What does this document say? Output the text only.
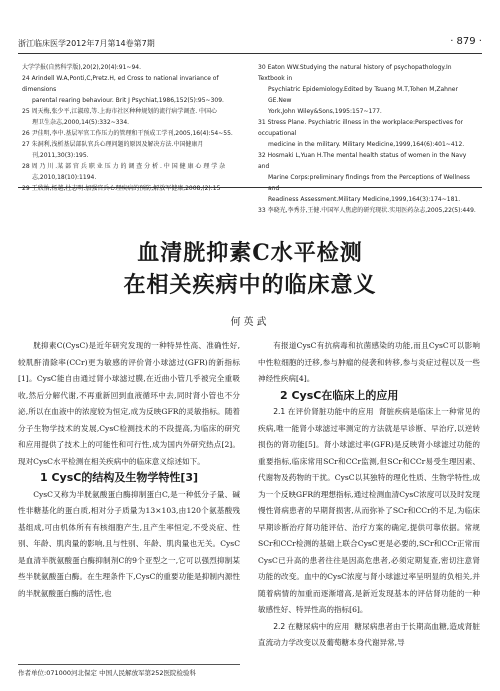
浙江临床医学2012年7月第14卷第7期	· 879 ·
大学学报(自然科学版),20(2),20(4):91~94.
24 Arindell W.A,Ponti,C,Pretz.H, ed Cross to national invariance of dimensions
parental rearing behaviour. Brit J Psychiat,1986,152(5):95~309.
25 周天梅,张少平,江淑琼,等.上海市社区种种规划的流行病学调查. 中国心
理卫生杂志,2000,14(5):332~334.
26 尹佳明,李中.基层军官工作压力的管理和干预成工学刊,2005,16(4):54~55.
27 朱洞利,浅析基层部队官兵心理问题的原因及解决方法.中国健康月
刊,2011,30(3):195.
28 周 乃 川 .某 部 官 兵 职 业 压 力 的 调 查 分 析 . 中 国 健 康 心 理 学 杂
志,2010,18(10):1194.
29 王欣怡,杨越,杜志明.加强官兵心理疾病的预防,解放军健康,2008,(2):15
30 Eaton WW.Studying the natural history of psychopathology.In Textbook in
Psychiatric Epidemiology.Edited by Tsuang M.T,Tohen M,Zahner GE.New
York,John Wiley&Sons,1995:157~177.
31 Stress Plane. Psychiatric illness in the workplace:Perspectives for occupational
medicine in the military. Military Medicine,1999,164(6):401~412.
32 Hosmaki L,Yuan H.The mental health status of women in the Navy and
Marine Corps:preliminary findings from the Perceptions of Wellness and
Readiness Assessment.Military Medicine,1999,164(3):174~181.
33 李晓光,李秀芬,王健.中国军人焦虑的研究现状.实用医药杂志,2005,22(5):449.
血清胱抑素C水平检测
在相关疾病中的临床意义
何英武

胱抑素C(CysC)是近年研究发现的一种特异性高、准确性好,较肌酐清除率(CCr)更为敏感的评价肾小球滤过(GFR)的新指标[1]。CysC能自由通过肾小球滤过膜,在近曲小管几乎被完全重吸收,然后分解代谢,不再重新回到血液循环中去,同时肾小管也不分泌,所以在血液中的浓度较为恒定,成为反映GFR的灵敏指标。随着分子生物学技术的发展,CysC检测技术的不段提高,为临床的研究和应用提供了技术上的可能性和可行性,成为国内外研究热点[2]。现对CysC水平检测在相关疾病中的临床意义综述如下。

1 CysC的结构及生物学特性[3]

CysC又称为半胱氨酸蛋白酶抑制蛋白C,是一种低分子量、碱性非糖基化的蛋白质,相对分子质量为13×103,由120个氨基酸残基组成,可由机体所有有核细胞产生,且产生率恒定,不受炎症、性别、年龄、肌肉量的影响,且与性别、年龄、肌肉量也无关。CysC是血清半胱氨酸蛋白酶抑制剂C的9个亚型之一,它可以强烈抑制某些半胱氨酸蛋白酶。在生理条件下,CysC的重要功能是抑制内源性的半胱氨酸蛋白酶的活性,也

有报道CysC有抗病毒和抗菌感染的功能,而且CysC可以影响中性粒细胞的迁移,参与肿瘤的侵袭和转移,参与炎症过程以及一些神经性疾病[4]。

2 CysC在临床上的应用

2.1 在评价肾脏功能中的应用 肾脏疾病是临床上一种常见的疾病,唯一能肾小球滤过率测定的方法就是早诊断、早治疗,以逆转损伤的肾功能[5]。肾小球滤过率(GFR)是反映肾小球滤过功能的重要指标,临床常用SCr和CCr监测,但SCr和CCr易受生理因素、代谢物及药物的干扰。CysC以其独特的理化性质、生物学特性,成为一个反映GFR的理想指标,通过检测血清CysC浓度可以及时发现慢性肾病患者的早期肾损害,从而弥补了SCr和CCr的不足,为临床早期诊断治疗肾功能评估、治疗方案的确定,提供可靠依据。常规SCr和CCr检测的基础上联合CysC更是必要的,SCr和CCr正常而CysC已升高的患者往往是因高危患者,必须定期复查,密切注意肾功能的改变。血中的CysC浓度与肾小球滤过率呈明显的负相关,并随着病情的加重而逐渐增高,是新近发现基本的评估肾功能的一种敏感性好、特异性高的指标[6]。

2.2 在糖尿病中的应用 糖尿病患者由于长期高血糖,造成肾脏直流动力学改变以及葡萄糖本身代谢异常,导

作者单位:071000河北保定 中国人民解放军第252医院检验科
